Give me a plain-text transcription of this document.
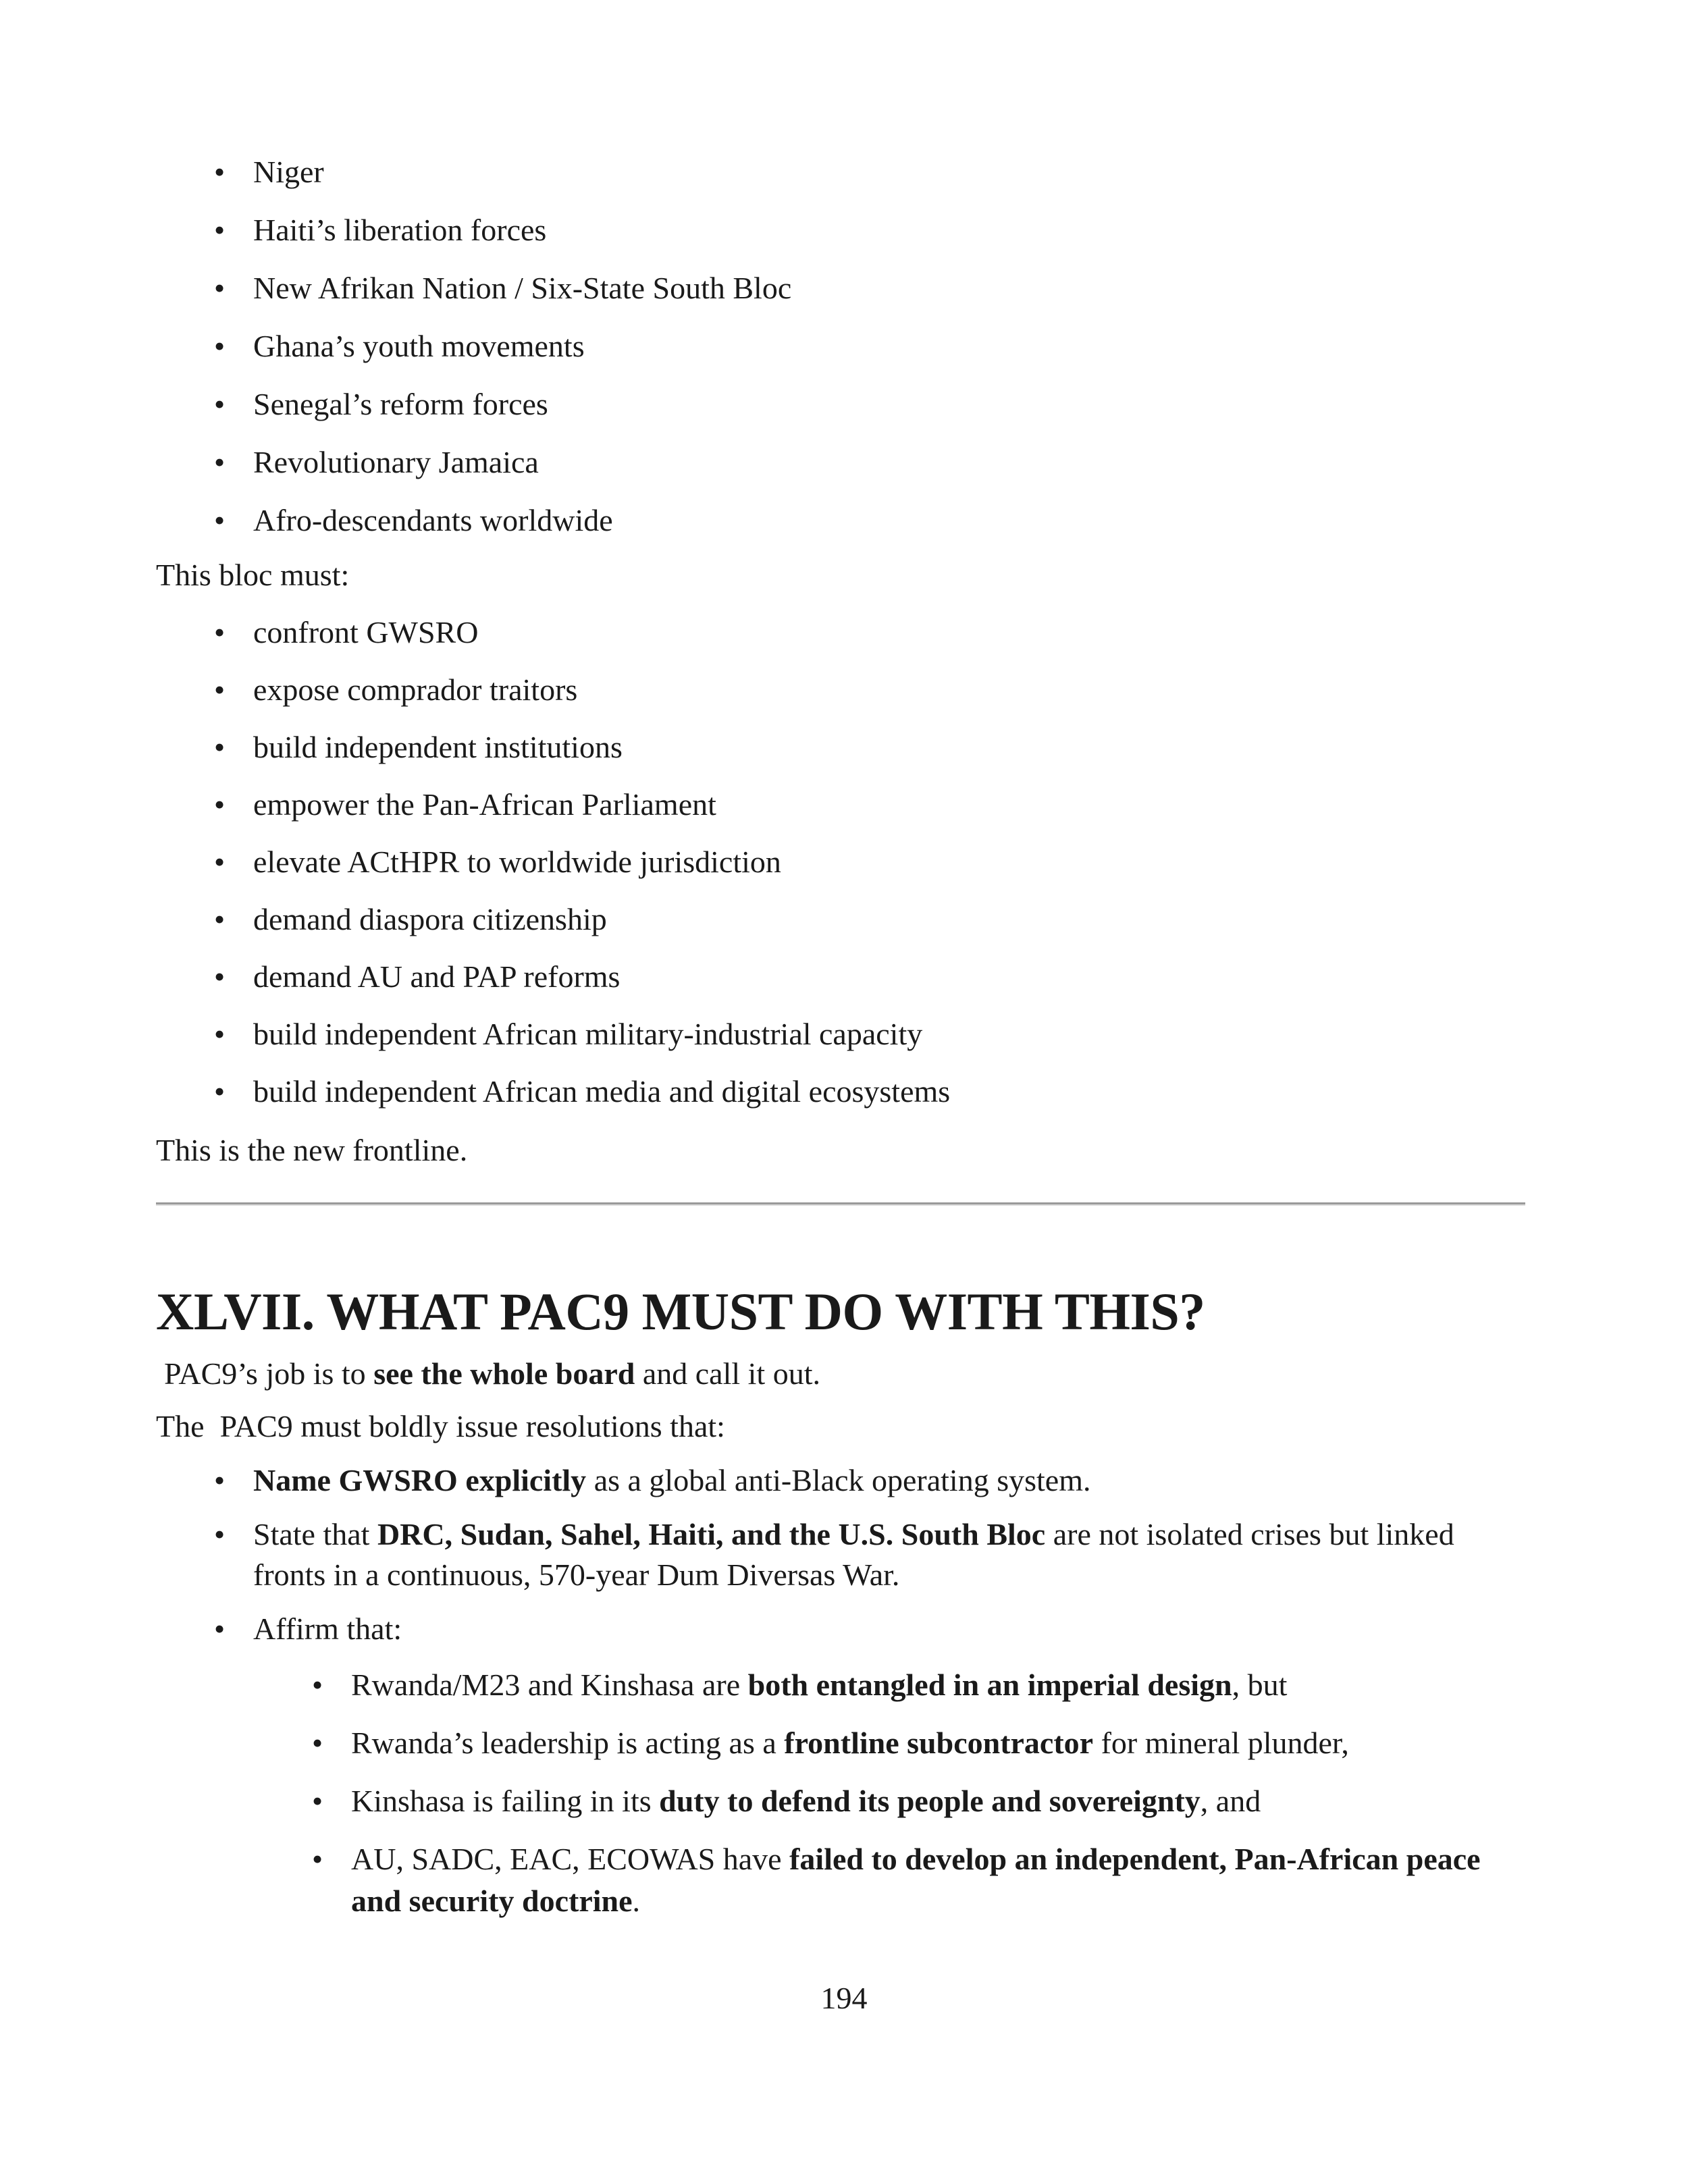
• Niger
• Haiti’s liberation forces
• New Afrikan Nation / Six-State South Bloc
• Ghana’s youth movements
• Senegal’s reform forces
• Revolutionary Jamaica
• Afro-descendants worldwide

This bloc must:

• confront GWSRO
• expose comprador traitors
• build independent institutions
• empower the Pan-African Parliament
• elevate ACtHPR to worldwide jurisdiction
• demand diaspora citizenship
• demand AU and PAP reforms
• build independent African military-industrial capacity
• build independent African media and digital ecosystems

This is the new frontline.

XLVII. WHAT PAC9 MUST DO WITH THIS?

PAC9’s job is to see the whole board and call it out.

The  PAC9 must boldly issue resolutions that:

• Name GWSRO explicitly as a global anti-Black operating system.
• State that DRC, Sudan, Sahel, Haiti, and the U.S. South Bloc are not isolated crises but linked fronts in a continuous, 570-year Dum Diversas War.
• Affirm that:
• Rwanda/M23 and Kinshasa are both entangled in an imperial design, but
• Rwanda’s leadership is acting as a frontline subcontractor for mineral plunder,
• Kinshasa is failing in its duty to defend its people and sovereignty, and
• AU, SADC, EAC, ECOWAS have failed to develop an independent, Pan-African peace and security doctrine.
194
